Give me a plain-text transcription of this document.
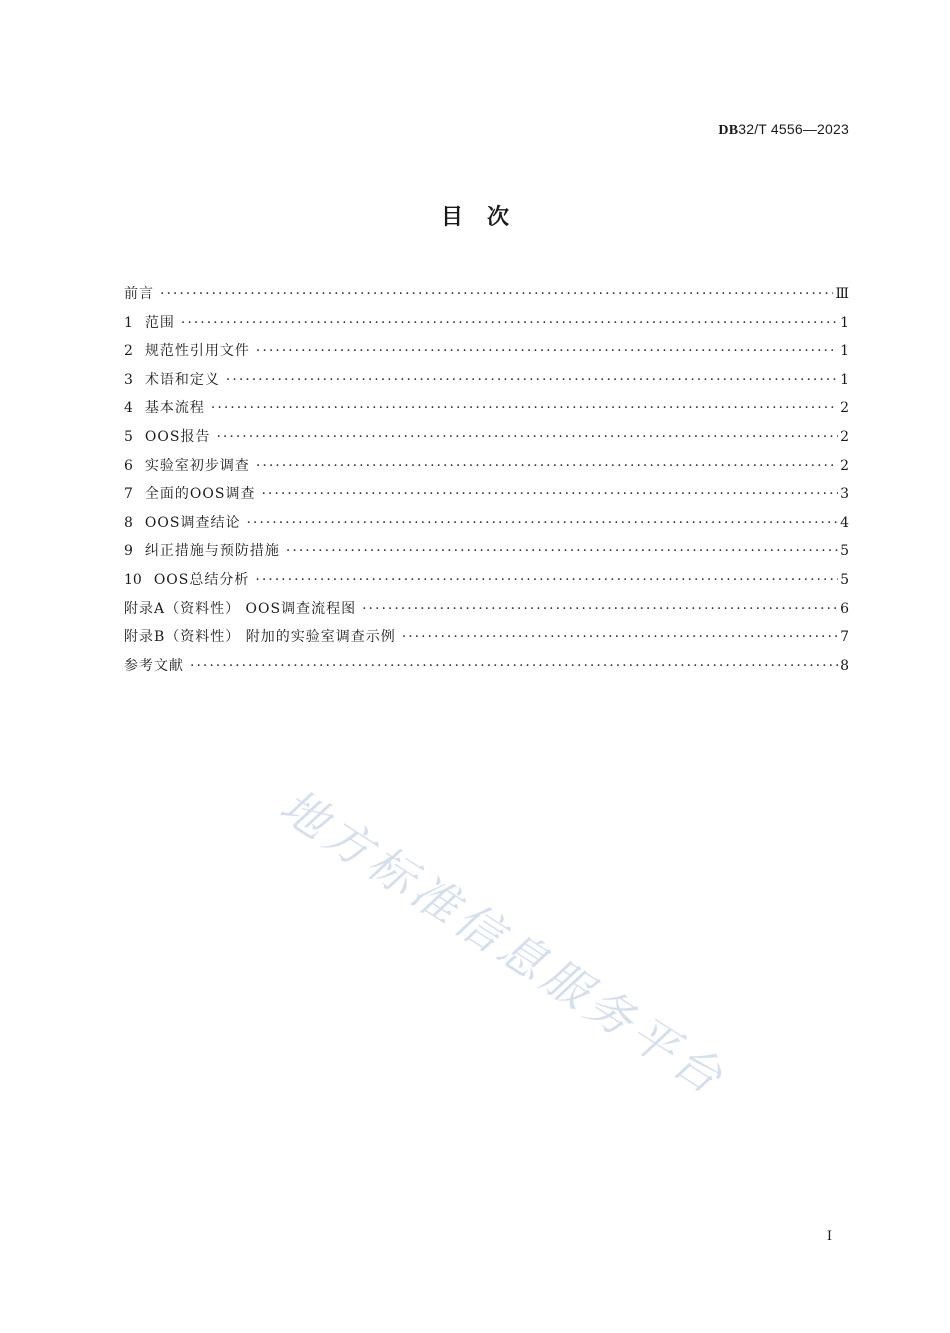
DB32/T 4556—2023
目次
前言 ·····	Ⅲ
1 范围 ·····	1
2 规范性引用文件 ·····	1
3 术语和定义 ·····	1
4 基本流程 ·····	2
5 OOS报告 ·····	2
6 实验室初步调查 ·····	2
7 全面的OOS调查 ·····	3
8 OOS调查结论 ·····	4
9 纠正措施与预防措施 ·····	5
10 OOS总结分析 ·····	5
附录A（资料性） OOS调查流程图 ·····	6
附录B（资料性） 附加的实验室调查示例 ·····	7
参考文献 ·····	8
地方标准信息服务平台
I
